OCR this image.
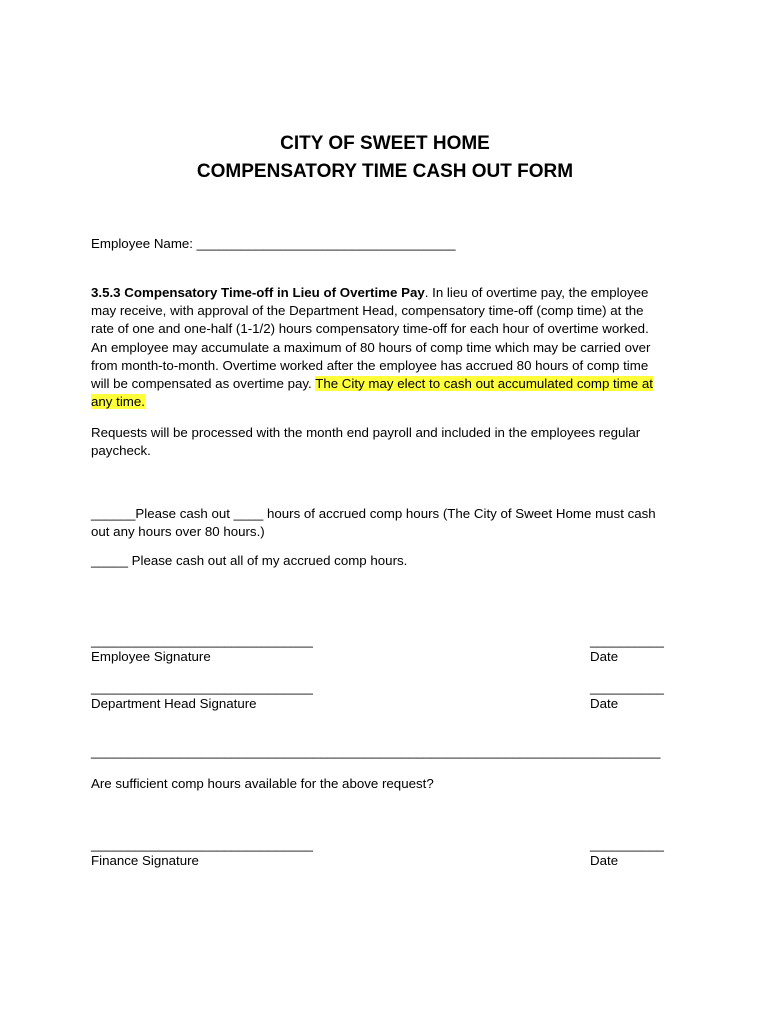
CITY OF SWEET HOME
COMPENSATORY TIME CASH OUT FORM
Employee Name: ___________________________________
3.5.3 Compensatory Time-off in Lieu of Overtime Pay. In lieu of overtime pay, the employee
may receive, with approval of the Department Head, compensatory time-off (comp time) at the
rate of one and one-half (1-1/2) hours compensatory time-off for each hour of overtime worked.
An employee may accumulate a maximum of 80 hours of comp time which may be carried over
from month-to-month. Overtime worked after the employee has accrued 80 hours of comp time
will be compensated as overtime pay. The City may elect to cash out accumulated comp time at
any time.
Requests will be processed with the month end payroll and included in the employees regular
paycheck.
______Please cash out ____ hours of accrued comp hours (The City of Sweet Home must cash
out any hours over 80 hours.)
_____ Please cash out all of my accrued comp hours.
______________________________
Employee Signature
__________
Date
______________________________
Department Head Signature
__________
Date
_____________________________________________________________________________
Are sufficient comp hours available for the above request?
______________________________
Finance Signature
__________
Date
